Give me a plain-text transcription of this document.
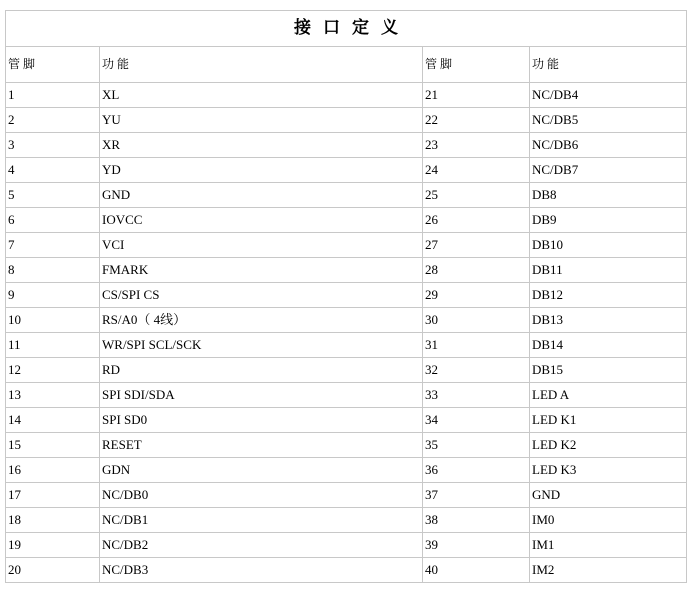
接口定义			
管脚	功能	管脚	功能
1	XL	21	NC/DB4
2	YU	22	NC/DB5
3	XR	23	NC/DB6
4	YD	24	NC/DB7
5	GND	25	DB8
6	IOVCC	26	DB9
7	VCI	27	DB10
8	FMARK	28	DB11
9	CS/SPI CS	29	DB12
10	RS/A0（ 4线）	30	DB13
11	WR/SPI SCL/SCK	31	DB14
12	RD	32	DB15
13	SPI SDI/SDA	33	LED A
14	SPI SD0	34	LED K1
15	RESET	35	LED K2
16	GDN	36	LED K3
17	NC/DB0	37	GND
18	NC/DB1	38	IM0
19	NC/DB2	39	IM1
20	NC/DB3	40	IM2
